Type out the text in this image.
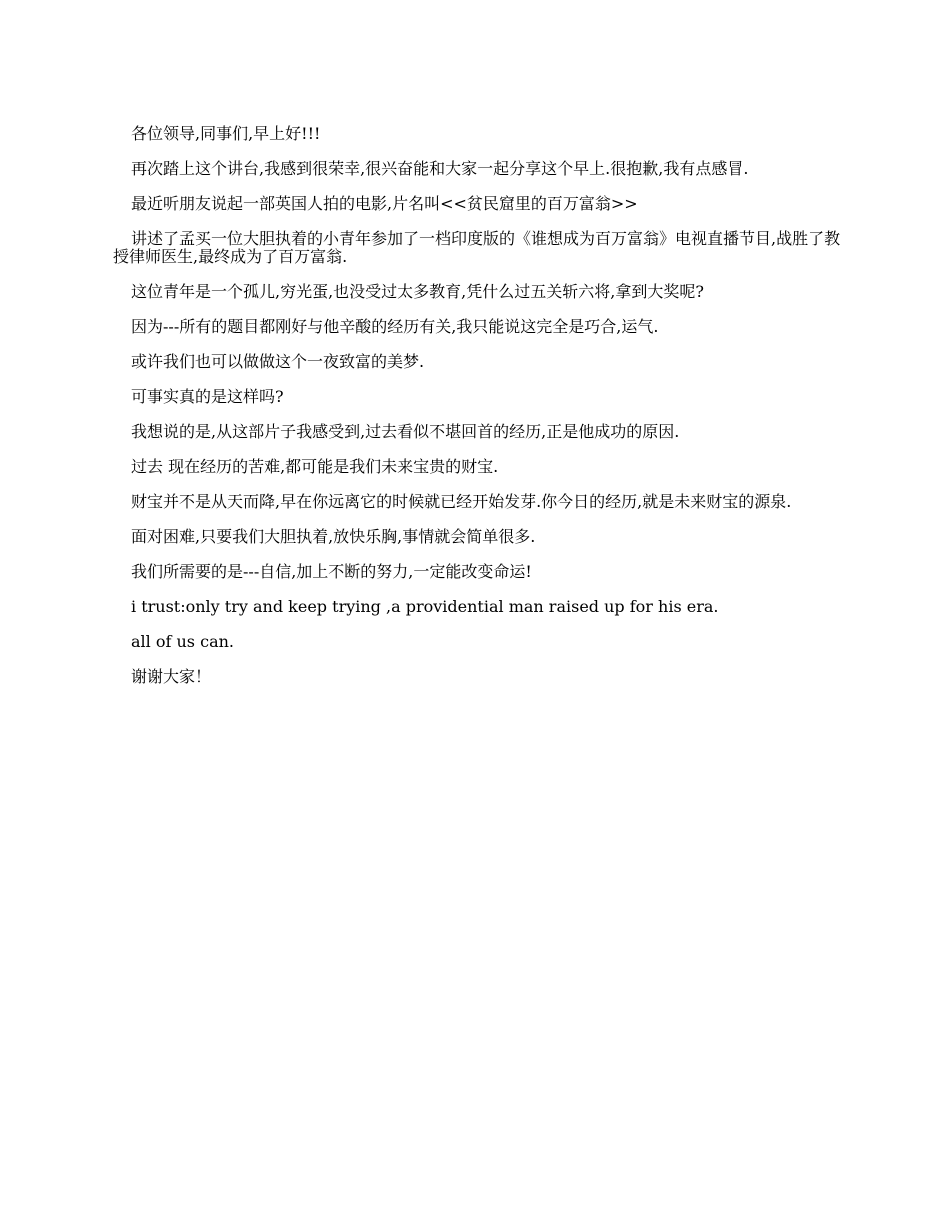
各位领导,同事们,早上好!!!

再次踏上这个讲台,我感到很荣幸,很兴奋能和大家一起分享这个早上.很抱歉,我有点感冒.

最近听朋友说起一部英国人拍的电影,片名叫<<贫民窟里的百万富翁>>

讲述了孟买一位大胆执着的小青年参加了一档印度版的《谁想成为百万富翁》电视直播节目,战胜了教授律师医生,最终成为了百万富翁.

这位青年是一个孤儿,穷光蛋,也没受过太多教育,凭什么过五关斩六将,拿到大奖呢?

因为---所有的题目都刚好与他辛酸的经历有关,我只能说这完全是巧合,运气.

或许我们也可以做做这个一夜致富的美梦.

可事实真的是这样吗?

我想说的是,从这部片子我感受到,过去看似不堪回首的经历,正是他成功的原因.

过去 现在经历的苦难,都可能是我们未来宝贵的财宝.

财宝并不是从天而降,早在你远离它的时候就已经开始发芽.你今日的经历,就是未来财宝的源泉.

面对困难,只要我们大胆执着,放快乐胸,事情就会简单很多.

我们所需要的是---自信,加上不断的努力,一定能改变命运!

i trust:only try and keep trying ,a providential man raised up for his era.

all of us can.

谢谢大家！
